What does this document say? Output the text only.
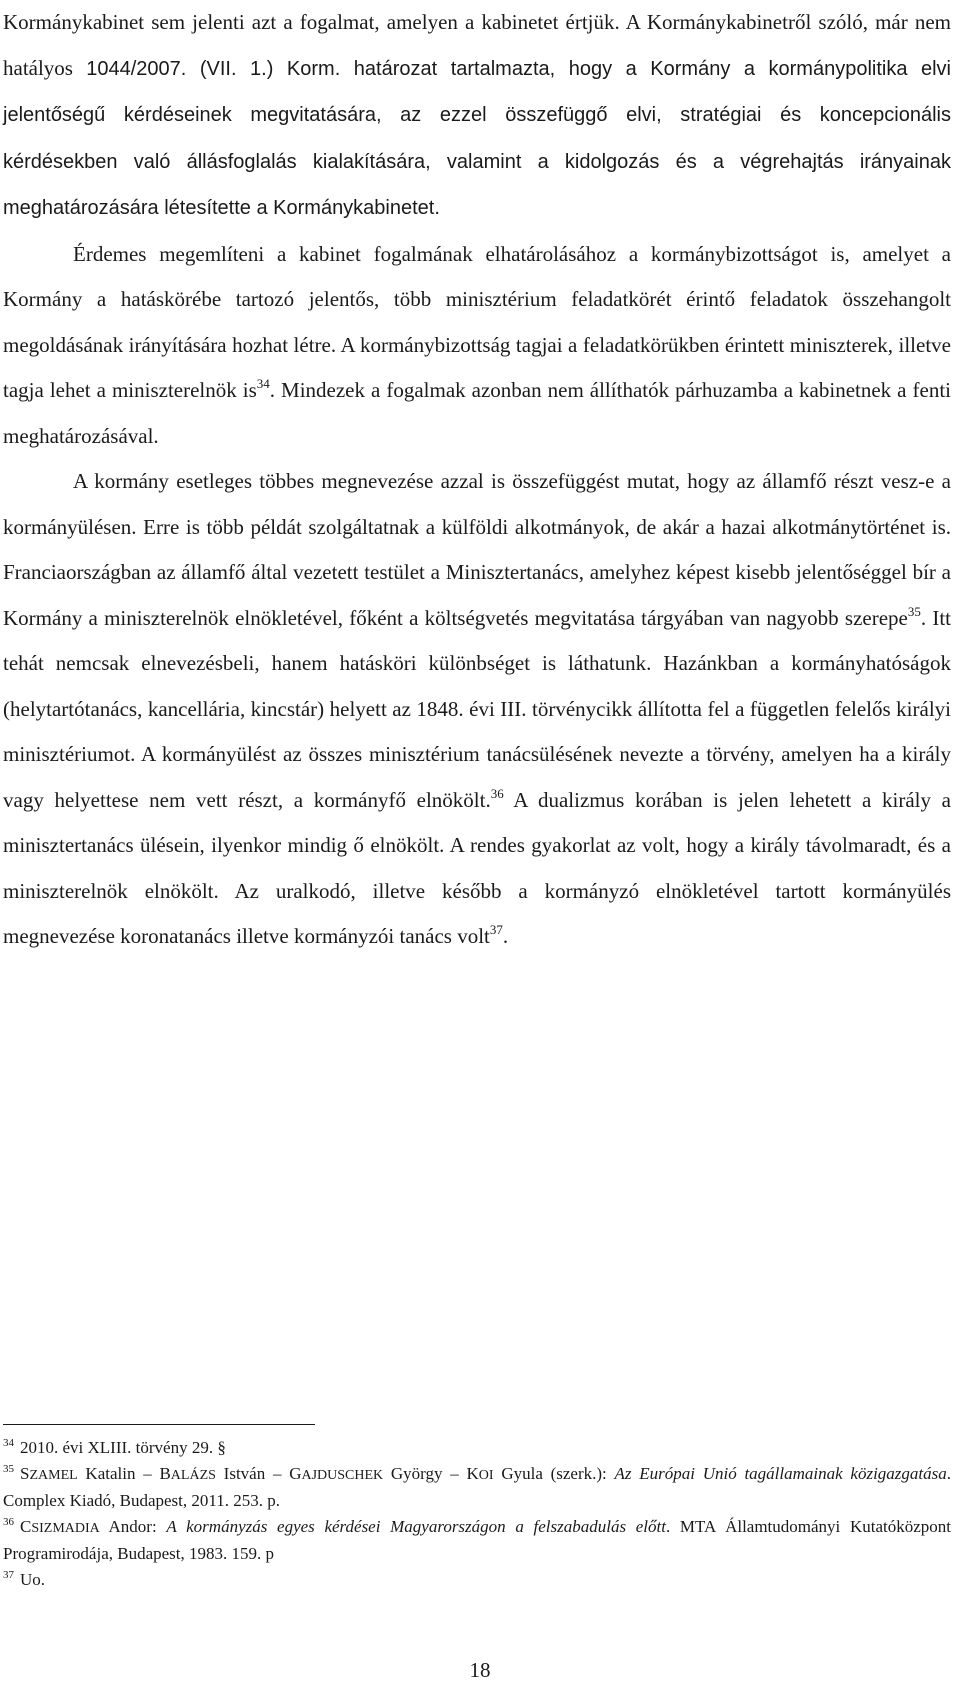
Kormánykabinet sem jelenti azt a fogalmat, amelyen a kabinetet értjük. A Kormánykabinetről szóló, már nem hatályos 1044/2007. (VII. 1.) Korm. határozat tartalmazta, hogy a Kormány a kormánypolitika elvi jelentőségű kérdéseinek megvitatására, az ezzel összefüggő elvi, stratégiai és koncepcionális kérdésekben való állásfoglalás kialakítására, valamint a kidolgozás és a végrehajtás irányainak meghatározására létesítette a Kormánykabinetet.

Érdemes megemlíteni a kabinet fogalmának elhatárolásához a kormánybizottságot is, amelyet a Kormány a hatáskörébe tartozó jelentős, több minisztérium feladatkörét érintő feladatok összehangolt megoldásának irányítására hozhat létre. A kormánybizottság tagjai a feladatkörükben érintett miniszterek, illetve tagja lehet a miniszterelnök is$^{34}$. Mindezek a fogalmak azonban nem állíthatók párhuzamba a kabinetnek a fenti meghatározásával.

A kormány esetleges többes megnevezése azzal is összefüggést mutat, hogy az államfő részt vesz-e a kormányülésen. Erre is több példát szolgáltatnak a külföldi alkotmányok, de akár a hazai alkotmánytörténet is. Franciaországban az államfő által vezetett testület a Minisztertanács, amelyhez képest kisebb jelentőséggel bír a Kormány a miniszterelnök elnökletével, főként a költségvetés megvitatása tárgyában van nagyobb szerepe$^{35}$. Itt tehát nemcsak elnevezésbeli, hanem hatásköri különbséget is láthatunk. Hazánkban a kormányhatóságok (helytartótanács, kancellária, kincstár) helyett az 1848. évi III. törvénycikk állította fel a független felelős királyi minisztériumot. A kormányülést az összes minisztérium tanácsülésének nevezte a törvény, amelyen ha a király vagy helyettese nem vett részt, a kormányfő elnökölt.$^{36}$ A dualizmus korában is jelen lehetett a király a minisztertanács ülésein, ilyenkor mindig ő elnökölt. A rendes gyakorlat az volt, hogy a király távolmaradt, és a miniszterelnök elnökölt. Az uralkodó, illetve később a kormányzó elnökletével tartott kormányülés megnevezése koronatanács illetve kormányzói tanács volt$^{37}$.

$^{34}$ 2010. évi XLIII. törvény 29. §

$^{35}$ SZAMEL Katalin – BALÁZS István – GAJDUSCHEK György – KOI Gyula (szerk.): Az Európai Unió tagállamainak közigazgatása. Complex Kiadó, Budapest, 2011. 253. p.

$^{36}$ CSIZMADIA Andor: A kormányzás egyes kérdései Magyarországon a felszabadulás előtt. MTA Államtudományi Kutatóközpont Programirodája, Budapest, 1983. 159. p

$^{37}$ Uo.

18
